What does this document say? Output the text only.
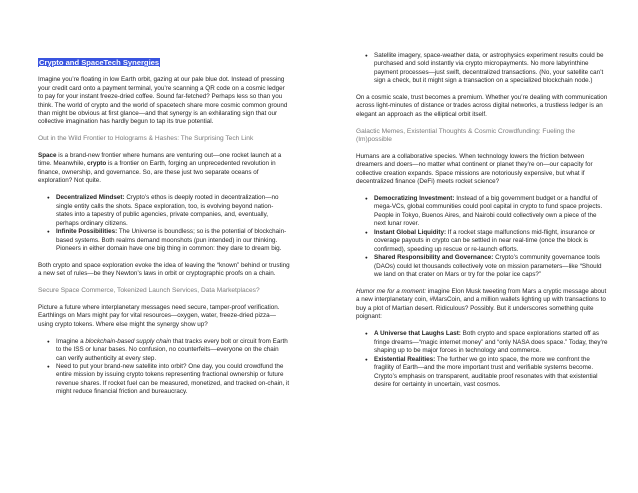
Crypto and SpaceTech Synergies

Imagine you’re floating in low Earth orbit, gazing at our pale blue dot. Instead of pressing your credit card onto a payment terminal, you’re scanning a QR code on a cosmic ledger to pay for your instant freeze-dried coffee. Sound far-fetched? Perhaps less so than you think. The world of crypto and the world of spacetech share more cosmic common ground than might be obvious at first glance—and that synergy is an exhilarating sign that our collective imagination has hardly begun to tap its true potential.

Out in the Wild Frontier to Holograms & Hashes: The Surprising Tech Link

Space is a brand-new frontier where humans are venturing out—one rocket launch at a time. Meanwhile, crypto is a frontier on Earth, forging an unprecedented revolution in finance, ownership, and governance. So, are these just two separate oceans of exploration? Not quite.

● Decentralized Mindset: Crypto’s ethos is deeply rooted in decentralization—no single entity calls the shots. Space exploration, too, is evolving beyond nation-states into a tapestry of public agencies, private companies, and, eventually, perhaps ordinary citizens.
● Infinite Possibilities: The Universe is boundless; so is the potential of blockchain-based systems. Both realms demand moonshots (pun intended) in our thinking. Pioneers in either domain have one big thing in common: they dare to dream big.

Both crypto and space exploration evoke the idea of leaving the “known” behind or trusting a new set of rules—be they Newton’s laws in orbit or cryptographic proofs on a chain.

Secure Space Commerce, Tokenized Launch Services, Data Marketplaces?

Picture a future where interplanetary messages need secure, tamper-proof verification. Earthlings on Mars might pay for vital resources—oxygen, water, freeze-dried pizza—using crypto tokens. Where else might the synergy show up?

● Imagine a blockchain-based supply chain that tracks every bolt or circuit from Earth to the ISS or lunar bases. No confusion, no counterfeits—everyone on the chain can verify authenticity at every step.
● Need to put your brand-new satellite into orbit? One day, you could crowdfund the entire mission by issuing crypto tokens representing fractional ownership or future revenue shares. If rocket fuel can be measured, monetized, and tracked on-chain, it might reduce financial friction and bureaucracy.
● Satellite imagery, space-weather data, or astrophysics experiment results could be purchased and sold instantly via crypto micropayments. No more labyrinthine payment processes—just swift, decentralized transactions. (No, your satellite can’t sign a check, but it might sign a transaction on a specialized blockchain node.)

On a cosmic scale, trust becomes a premium. Whether you’re dealing with communication across light-minutes of distance or trades across digital networks, a trustless ledger is an elegant an approach as the elliptical orbit itself.

Galactic Memes, Existential Thoughts & Cosmic Crowdfunding: Fueling the (Im)possible

Humans are a collaborative species. When technology lowers the friction between dreamers and doers—no matter what continent or planet they’re on—our capacity for collective creation expands. Space missions are notoriously expensive, but what if decentralized finance (DeFi) meets rocket science?

● Democratizing Investment: Instead of a big government budget or a handful of mega-VCs, global communities could pool capital in crypto to fund space projects. People in Tokyo, Buenos Aires, and Nairobi could collectively own a piece of the next lunar rover.
● Instant Global Liquidity: If a rocket stage malfunctions mid-flight, insurance or coverage payouts in crypto can be settled in near real-time (once the block is confirmed), speeding up rescue or re-launch efforts.
● Shared Responsibility and Governance: Crypto’s community governance tools (DAOs) could let thousands collectively vote on mission parameters—like “Should we land on that crater on Mars or try for the polar ice caps?”

Humor me for a moment: imagine Elon Musk tweeting from Mars a cryptic message about a new interplanetary coin, #MarsCoin, and a million wallets lighting up with transactions to buy a plot of Martian desert. Ridiculous? Possibly. But it underscores something quite poignant:

● A Universe that Laughs Last: Both crypto and space explorations started off as fringe dreams—“magic internet money” and “only NASA does space.” Today, they’re shaping up to be major forces in technology and commerce.
● Existential Realities: The further we go into space, the more we confront the fragility of Earth—and the more important trust and verifiable systems become. Crypto’s emphasis on transparent, auditable proof resonates with that existential desire for certainty in uncertain, vast cosmos.
